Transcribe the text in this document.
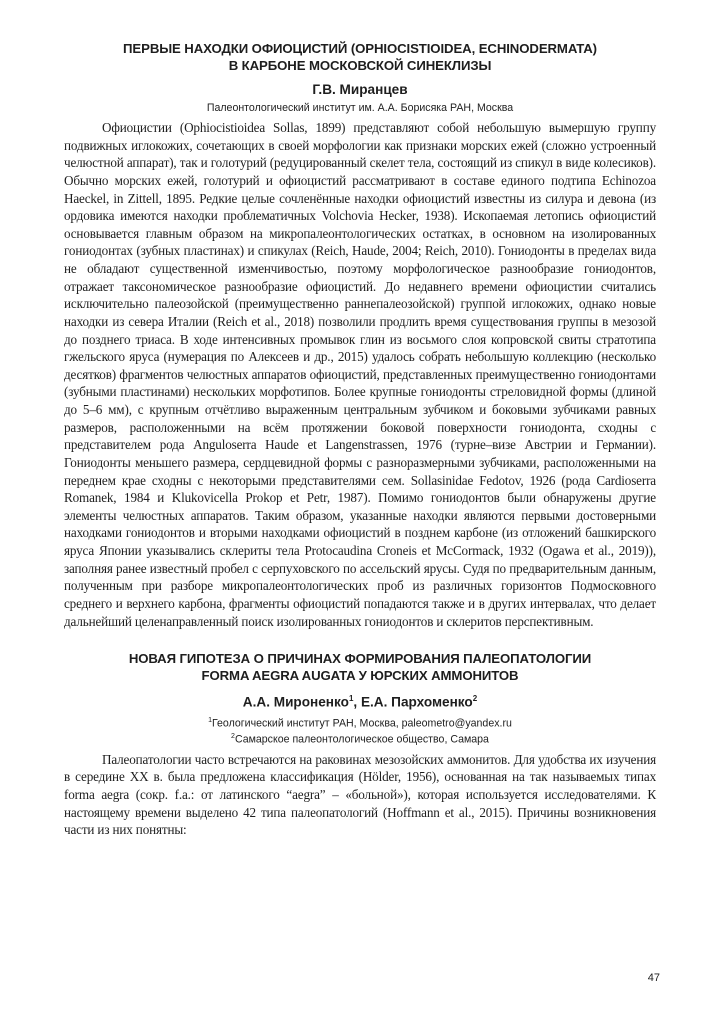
ПЕРВЫЕ НАХОДКИ ОФИОЦИСТИЙ (OPHIOCISTIOIDEA, ECHINODERMATA)
В КАРБОНЕ МОСКОВСКОЙ СИНЕКЛИЗЫ

Г.В. Миранцев

Палеонтологический институт им. А.А. Борисяка РАН, Москва

Офиоцистии (Ophiocistioidea Sollas, 1899) представляют собой небольшую вымершую группу подвижных иглокожих, сочетающих в своей морфологии как признаки морских ежей (сложно устроенный челюстной аппарат), так и голотурий (редуцированный скелет тела, состоящий из спикул в виде колесиков). Обычно морских ежей, голотурий и офиоцистий рассматривают в составе единого подтипа Echinozoa Haeckel, in Zittell, 1895. Редкие целые сочленённые находки офиоцистий известны из силура и девона (из ордовика имеются находки проблематичных Volchovia Hecker, 1938). Ископаемая летопись офиоцистий основывается главным образом на микропалеонтологических остатках, в основном на изолированных гониодонтах (зубных пластинах) и спикулах (Reich, Haude, 2004; Reich, 2010). Гониодонты в пределах вида не обладают существенной изменчивостью, поэтому морфологическое разнообразие гониодонтов, отражает таксономическое разнообразие офиоцистий. До недавнего времени офиоцистии считались исключительно палеозойской (преимущественно раннепалеозойской) группой иглокожих, однако новые находки из севера Италии (Reich et al., 2018) позволили продлить время существования группы в мезозой до позднего триаса. В ходе интенсивных промывок глин из восьмого слоя копровской свиты стратотипа гжельского яруса (нумерация по Алексеев и др., 2015) удалось собрать небольшую коллекцию (несколько десятков) фрагментов челюстных аппаратов офиоцистий, представленных преимущественно гониодонтами (зубными пластинами) нескольких морфотипов. Более крупные гониодонты стреловидной формы (длиной до 5–6 мм), с крупным отчётливо выраженным центральным зубчиком и боковыми зубчиками равных размеров, расположенными на всём протяжении боковой поверхности гониодонта, сходны с представителем рода Anguloserra Haude et Langenstrassen, 1976 (турне–визе Австрии и Германии). Гониодонты меньшего размера, сердцевидной формы с разноразмерными зубчиками, расположенными на переднем крае сходны с некоторыми представителями сем. Sollasinidae Fedotov, 1926 (рода Cardioserra Romanek, 1984 и Klukovicella Prokop et Petr, 1987). Помимо гониодонтов были обнаружены другие элементы челюстных аппаратов. Таким образом, указанные находки являются первыми достоверными находками гониодонтов и вторыми находками офиоцистий в позднем карбоне (из отложений башкирского яруса Японии указывались склериты тела Protocaudina Croneis et McCormack, 1932 (Ogawa et al., 2019)), заполняя ранее известный пробел с серпуховского по ассельский ярусы. Судя по предварительным данным, полученным при разборе микропалеонтологических проб из различных горизонтов Подмосковного среднего и верхнего карбона, фрагменты офиоцистий попадаются также и в других интервалах, что делает дальнейший целенаправленный поиск изолированных гониодонтов и склеритов перспективным.

НОВАЯ ГИПОТЕЗА О ПРИЧИНАХ ФОРМИРОВАНИЯ ПАЛЕОПАТОЛОГИИ
FORMA AEGRA AUGATA У ЮРСКИХ АММОНИТОВ

А.А. Мироненко$^1$, Е.А. Пархоменко$^2$

$^1$Геологический институт РАН, Москва, paleometro@yandex.ru

$^2$Самарское палеонтологическое общество, Самара

Палеопатологии часто встречаются на раковинах мезозойских аммонитов. Для удобства их изучения в середине XX в. была предложена классификация (Hölder, 1956), основанная на так называемых типах forma aegra (сокр. f.a.: от латинского “aegra” – «больной»), которая используется исследователями. К настоящему времени выделено 42 типа палеопатологий (Hoffmann et al., 2015). Причины возникновения части из них понятны:

47
